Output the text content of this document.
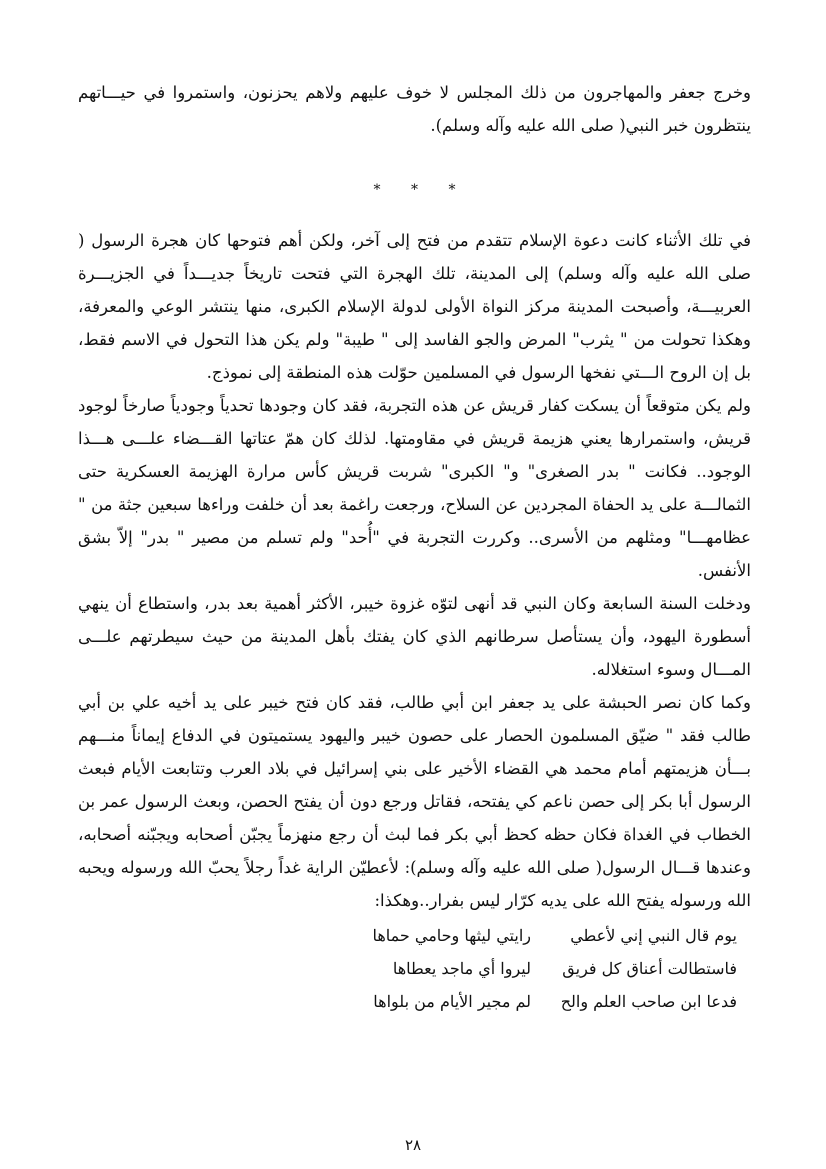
وخرج جعفر والمهاجرون من ذلك المجلس لا خوف عليهم ولاهم يحزنون، واستمروا في حيـــاتهم ينتظرون خبر النبي( صلى الله عليه وآله وسلم).

* * *

في تلك الأثناء كانت دعوة الإسلام تتقدم من فتح إلى آخر، ولكن أهم فتوحها كان هجرة الرسول ( صلى الله عليه وآله وسلم) إلى المدينة، تلك الهجرة التي فتحت تاريخاً جديـــداً في الجزيـــرة العربيـــة، وأصبحت المدينة مركز النواة الأولى لدولة الإسلام الكبرى، منها ينتشر الوعي والمعرفة، وهكذا تحولت من " يثرب" المرض والجو الفاسد إلى " طيبة" ولم يكن هذا التحول في الاسم فقط، بل إن الروح الـــتي نفخها الرسول في المسلمين حوّلت هذه المنطقة إلى نموذج.

ولم يكن متوقعاً أن يسكت كفار قريش عن هذه التجربة، فقد كان وجودها تحدياً وجودياً صارخاً لوجود قريش، واستمرارها يعني هزيمة قريش في مقاومتها. لذلك كان همّ عتاتها القـــضاء علـــى هـــذا الوجود.. فكانت " بدر الصغرى" و" الكبرى" شربت قريش كأس مرارة الهزيمة العسكرية حتى الثمالـــة على يد الحفاة المجردين عن السلاح، ورجعت راغمة بعد أن خلفت وراءها سبعين جثة من " عظامهـــا" ومثلهم من الأسرى.. وكررت التجربة في "أُحد" ولم تسلم من مصير " بدر" إلاّ بشق الأنفس.

ودخلت السنة السابعة وكان النبي قد أنهى لتوّه غزوة خيبر، الأكثر أهمية بعد بدر، واستطاع أن ينهي أسطورة اليهود، وأن يستأصل سرطانهم الذي كان يفتك بأهل المدينة من حيث سيطرتهم علـــى المـــال وسوء استغلاله.

وكما كان نصر الحبشة على يد جعفر ابن أبي طالب، فقد كان فتح خيبر على يد أخيه علي بن أبي طالب فقد " ضيّق المسلمون الحصار على حصون خيبر واليهود يستميتون في الدفاع إيماناً منـــهم بـــأن هزيمتهم أمام محمد هي القضاء الأخير على بني إسرائيل في بلاد العرب وتتابعت الأيام فبعث الرسول أبا بكر إلى حصن ناعم كي يفتحه، فقاتل ورجع دون أن يفتح الحصن، وبعث الرسول عمر بن الخطاب في الغداة فكان حظه كحظ أبي بكر فما لبث أن رجع منهزماً يجبّن أصحابه ويجبّنه أصحابه، وعندها قـــال الرسول( صلى الله عليه وآله وسلم): لأعطيّن الراية غداً رجلاً يحبّ الله ورسوله ويحبه الله ورسوله يفتح الله على يديه كرّار ليس بفرار..وهكذا:

يوم قال النبي إني لأعطي
رايتي ليثها وحامي حماها
فاستطالت أعناق كل فريق
ليروا أي ماجد يعطاها
فدعا ابن صاحب العلم والح
لم مجير الأيام من بلواها
٢٨
